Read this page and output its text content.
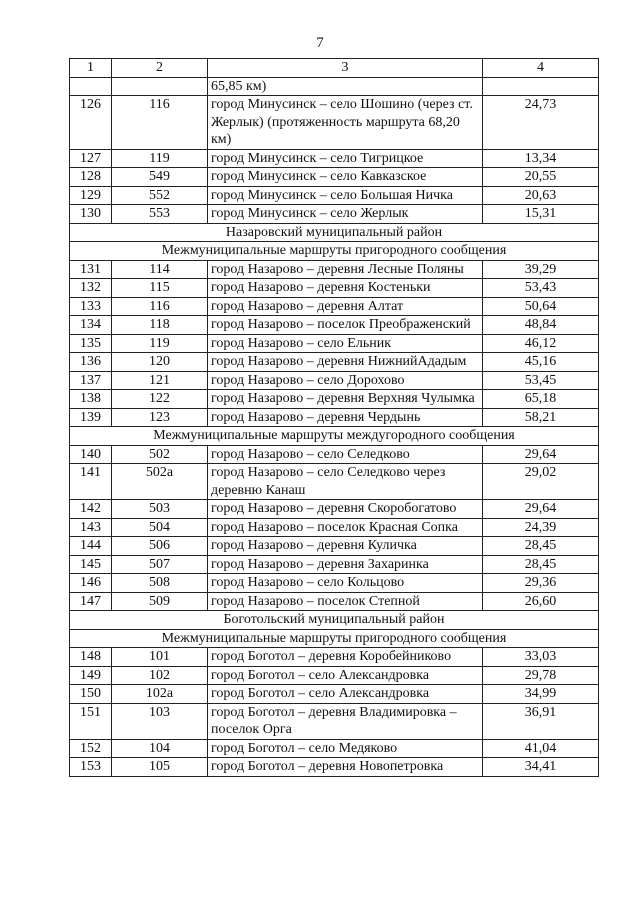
7
1	2	3	4
		65,85 км)	
126	116	город Минусинск – село Шошино (через ст. Жерлык) (протяженность маршрута 68,20 км)	24,73
127	119	город Минусинск – село Тигрицкое	13,34
128	549	город Минусинск – село Кавказское	20,55
129	552	город Минусинск – село Большая Ничка	20,63
130	553	город Минусинск – село Жерлык	15,31
Назаровский муниципальный район			
Межмуниципальные маршруты пригородного сообщения			
131	114	город Назарово – деревня Лесные Поляны	39,29
132	115	город Назарово – деревня Костеньки	53,43
133	116	город Назарово – деревня Алтат	50,64
134	118	город Назарово – поселок Преображенский	48,84
135	119	город Назарово – село Ельник	46,12
136	120	город Назарово – деревня НижнийАдадым	45,16
137	121	город Назарово – село Дорохово	53,45
138	122	город Назарово – деревня Верхняя Чулымка	65,18
139	123	город Назарово – деревня Чердынь	58,21
Межмуниципальные маршруты междугородного сообщения			
140	502	город Назарово – село Селедково	29,64
141	502а	город Назарово – село Селедково через деревню Канаш	29,02
142	503	город Назарово – деревня Скоробогатово	29,64
143	504	город Назарово – поселок Красная Сопка	24,39
144	506	город Назарово – деревня Куличка	28,45
145	507	город Назарово – деревня Захаринка	28,45
146	508	город Назарово – село Кольцово	29,36
147	509	город Назарово – поселок Степной	26,60
Боготольский муниципальный район			
Межмуниципальные маршруты пригородного сообщения			
148	101	город Боготол – деревня Коробейниково	33,03
149	102	город Боготол – село Александровка	29,78
150	102а	город Боготол – село Александровка	34,99
151	103	город Боготол – деревня Владимировка – поселок Орга	36,91
152	104	город Боготол – село Медяково	41,04
153	105	город Боготол – деревня Новопетровка	34,41
